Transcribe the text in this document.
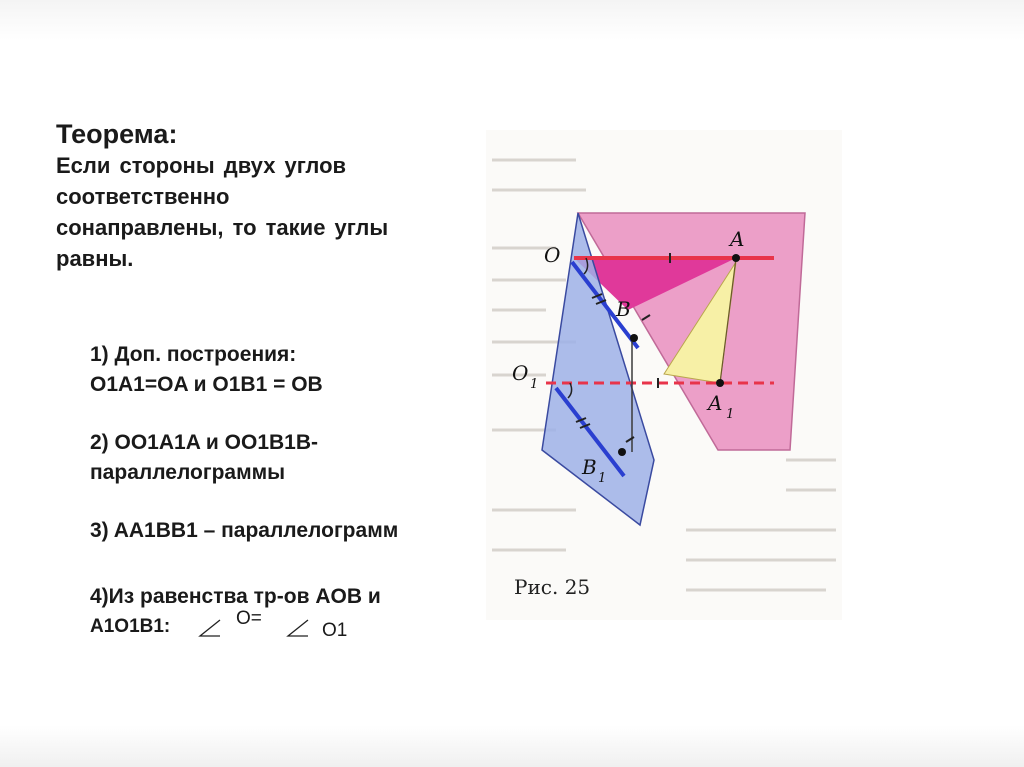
Теорема:

Если стороны двух углов

соответственно

сонаправлены, то такие углы

равны.

1) Доп. построения:
O1A1=OA и O1B1 = OB
2) OO1A1A и OO1B1B-
параллелограммы
3) AA1BB1 – параллелограмм
4)Из равенства тр-ов AOB и
A1O1B1:	O=
O1
O
A
B
O 1
A 1
B 1
Рис. 25
